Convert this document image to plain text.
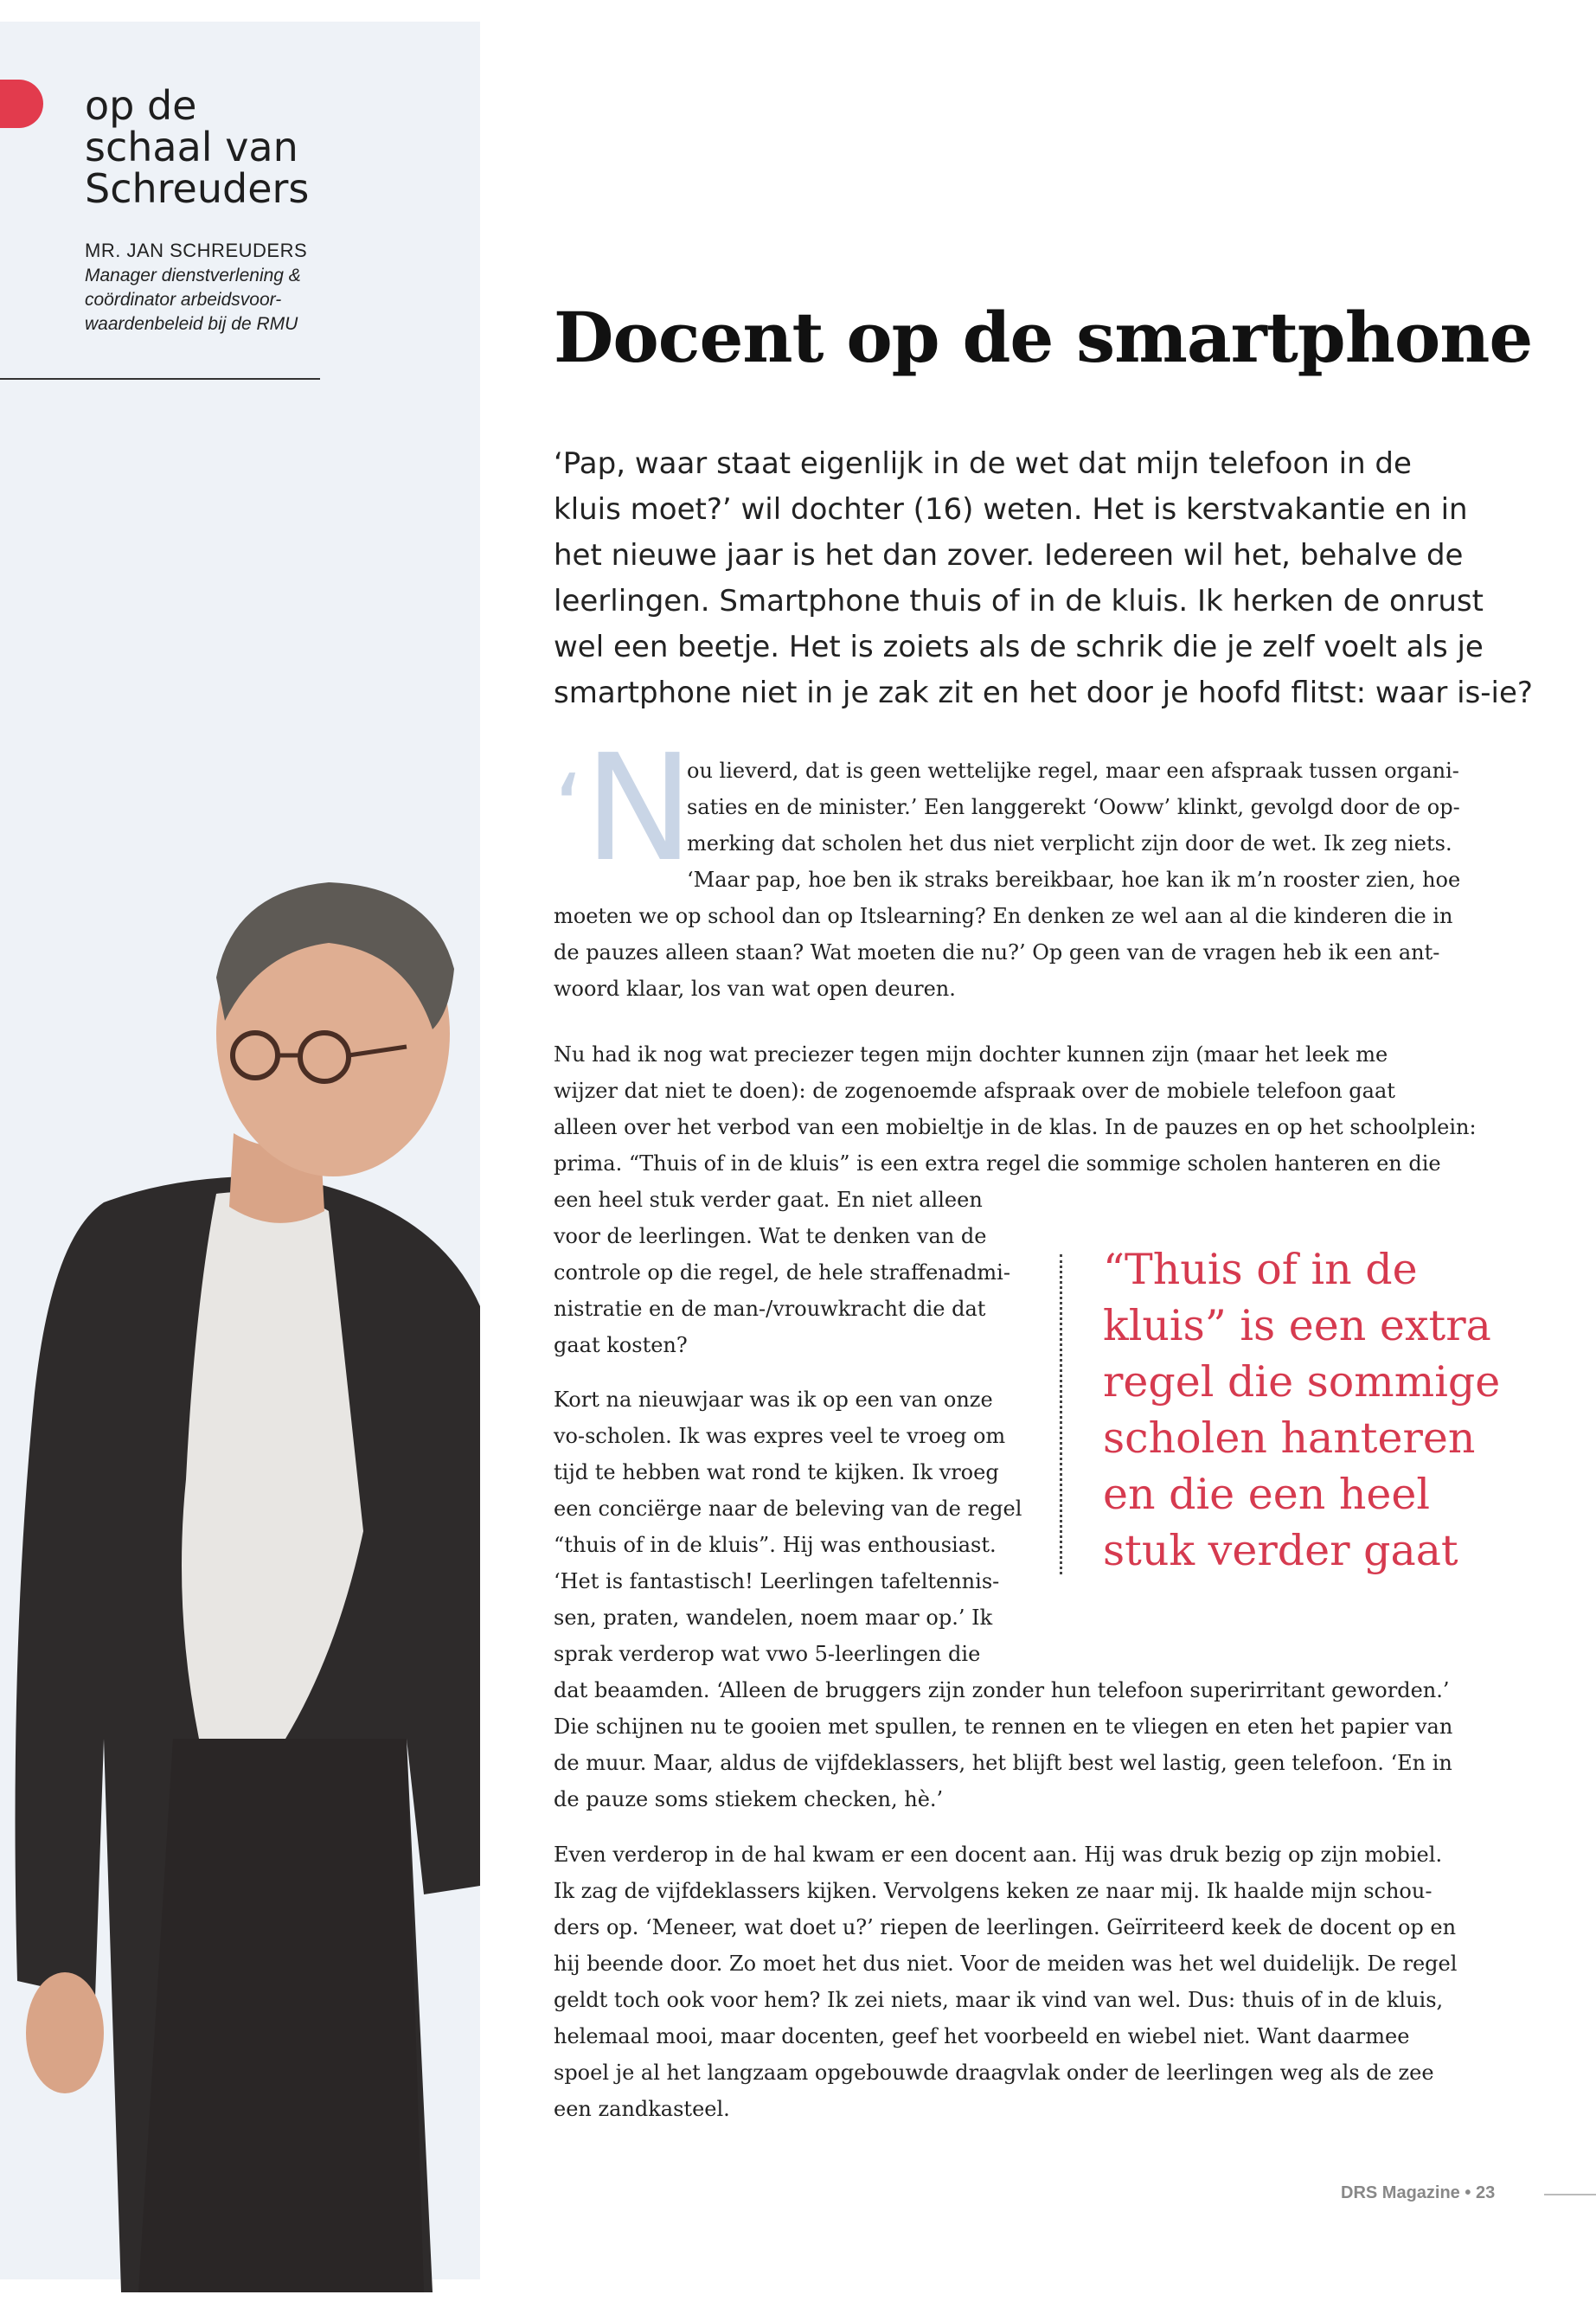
op de
schaal van
Schreuders
MR. JAN SCHREUDERS
Manager dienstverlening &
coördinator arbeidsvoor-
waardenbeleid bij de RMU	Docent op de smartphone
‘Pap, waar staat eigenlijk in de wet dat mijn telefoon in de
kluis moet?’ wil dochter (16) weten. Het is kerstvakantie en in
het nieuwe jaar is het dan zover. Iedereen wil het, behalve de
leerlingen. Smartphone thuis of in de kluis. Ik herken de onrust
wel een beetje. Het is zoiets als de schrik die je zelf voelt als je
smartphone niet in je zak zit en het door je hoofd flitst: waar is-ie?
‘N
ou lieverd, dat is geen wettelijke regel, maar een afspraak tussen organi-
saties en de minister.’ Een langgerekt ‘Ooww’ klinkt, gevolgd door de op-
merking dat scholen het dus niet verplicht zijn door de wet. Ik zeg niets.
‘Maar pap, hoe ben ik straks bereikbaar, hoe kan ik m’n rooster zien, hoe
moeten we op school dan op Itslearning? En denken ze wel aan al die kinderen die in
de pauzes alleen staan? Wat moeten die nu?’ Op geen van de vragen heb ik een ant-
woord klaar, los van wat open deuren.
Nu had ik nog wat preciezer tegen mijn dochter kunnen zijn (maar het leek me
wijzer dat niet te doen): de zogenoemde afspraak over de mobiele telefoon gaat
alleen over het verbod van een mobieltje in de klas. In de pauzes en op het schoolplein:
prima. “Thuis of in de kluis” is een extra regel die sommige scholen hanteren en die
een heel stuk verder gaat. En niet alleen
voor de leerlingen. Wat te denken van de
controle op die regel, de hele straffenadmi-
nistratie en de man-/vrouwkracht die dat
gaat kosten?
Kort na nieuwjaar was ik op een van onze
vo-scholen. Ik was expres veel te vroeg om
tijd te hebben wat rond te kijken. Ik vroeg
een conciërge naar de beleving van de regel
“thuis of in de kluis”. Hij was enthousiast.
‘Het is fantastisch! Leerlingen tafeltennis-
sen, praten, wandelen, noem maar op.’ Ik
sprak verderop wat vwo 5-leerlingen die
dat beaamden. ‘Alleen de bruggers zijn zonder hun telefoon superirritant geworden.’
Die schijnen nu te gooien met spullen, te rennen en te vliegen en eten het papier van
de muur. Maar, aldus de vijfdeklassers, het blijft best wel lastig, geen telefoon. ‘En in
de pauze soms stiekem checken, hè.’
Even verderop in de hal kwam er een docent aan. Hij was druk bezig op zijn mobiel.
Ik zag de vijfdeklassers kijken. Vervolgens keken ze naar mij. Ik haalde mijn schou-
ders op. ‘Meneer, wat doet u?’ riepen de leerlingen. Geïrriteerd keek de docent op en
hij beende door. Zo moet het dus niet. Voor de meiden was het wel duidelijk. De regel
geldt toch ook voor hem? Ik zei niets, maar ik vind van wel. Dus: thuis of in de kluis,
helemaal mooi, maar docenten, geef het voorbeeld en wiebel niet. Want daarmee
spoel je al het langzaam opgebouwde draagvlak onder de leerlingen weg als de zee
een zandkasteel.
“Thuis of in de
kluis” is een extra
regel die sommige
scholen hanteren
en die een heel
stuk verder gaat
DRS Magazine • 23
